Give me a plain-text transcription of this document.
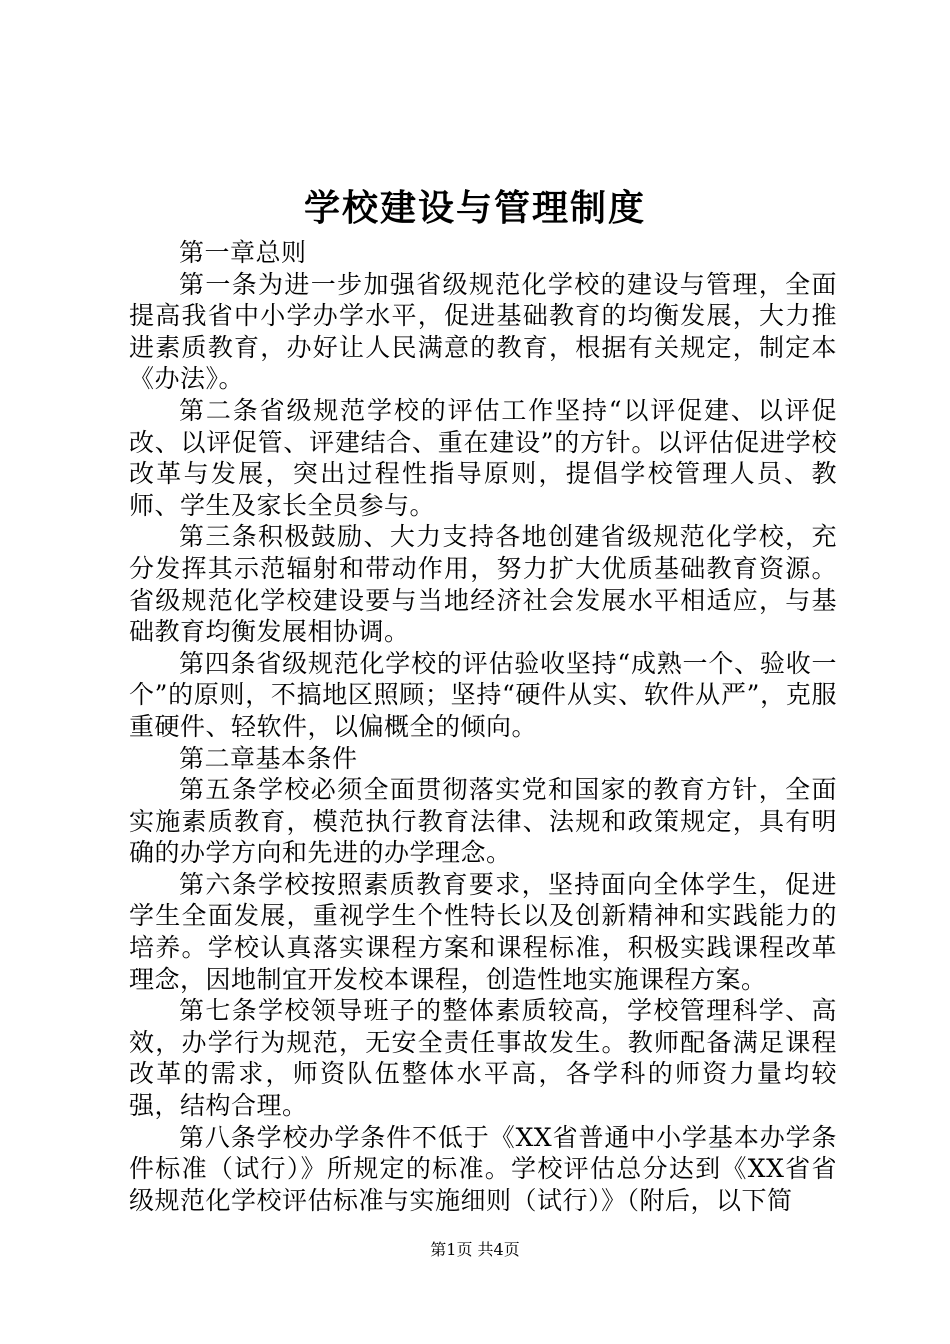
学校建设与管理制度

第一章总则

第一条为进一步加强省级规范化学校的建设与管理，全面提高我省中小学办学水平，促进基础教育的均衡发展，大力推进素质教育，办好让人民满意的教育，根据有关规定，制定本《办法》。

第二条省级规范学校的评估工作坚持“以评促建、以评促改、以评促管、评建结合、重在建设”的方针。以评估促进学校改革与发展，突出过程性指导原则，提倡学校管理人员、教师、学生及家长全员参与。

第三条积极鼓励、大力支持各地创建省级规范化学校，充分发挥其示范辐射和带动作用，努力扩大优质基础教育资源。省级规范化学校建设要与当地经济社会发展水平相适应，与基础教育均衡发展相协调。

第四条省级规范化学校的评估验收坚持“成熟一个、验收一个”的原则，不搞地区照顾；坚持“硬件从实、软件从严”，克服重硬件、轻软件，以偏概全的倾向。

第二章基本条件

第五条学校必须全面贯彻落实党和国家的教育方针，全面实施素质教育，模范执行教育法律、法规和政策规定，具有明确的办学方向和先进的办学理念。

第六条学校按照素质教育要求，坚持面向全体学生，促进学生全面发展，重视学生个性特长以及创新精神和实践能力的培养。学校认真落实课程方案和课程标准，积极实践课程改革理念，因地制宜开发校本课程，创造性地实施课程方案。

第七条学校领导班子的整体素质较高，学校管理科学、高效，办学行为规范，无安全责任事故发生。教师配备满足课程改革的需求，师资队伍整体水平高，各学科的师资力量均较强，结构合理。

第八条学校办学条件不低于《XX省普通中小学基本办学条件标准（试行）》所规定的标准。学校评估总分达到《XX省省级规范化学校评估标准与实施细则（试行）》（附后，以下简

第1页 共4页
